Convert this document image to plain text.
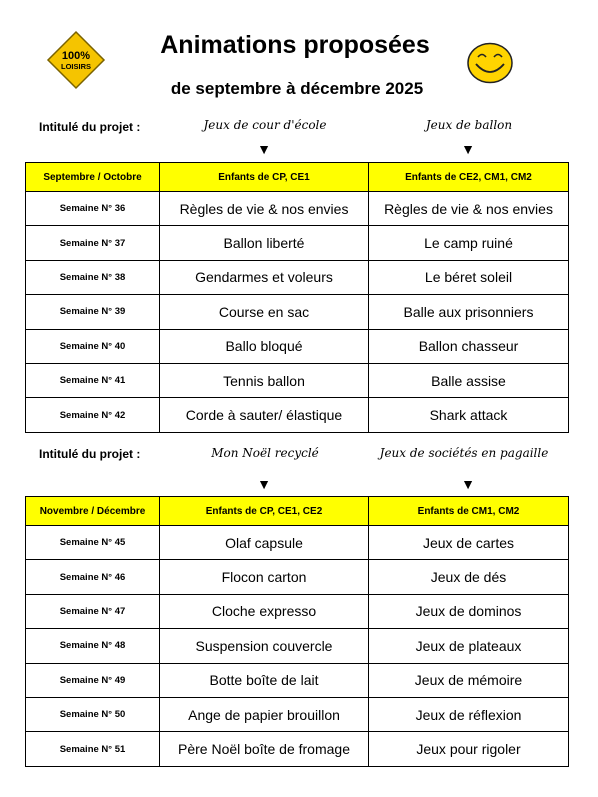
100%
LOISIRS
Animations proposées
de septembre à décembre 2025
Intitulé du projet :	Jeux de cour d'école	Jeux de ballon
▼	▼
Septembre / Octobre	Enfants de CP, CE1	Enfants de CE2, CM1, CM2
Semaine N° 36	Règles de vie & nos envies	Règles de vie & nos envies
Semaine N° 37	Ballon liberté	Le camp ruiné
Semaine N° 38	Gendarmes et voleurs	Le béret soleil
Semaine N° 39	Course en sac	Balle aux prisonniers
Semaine N° 40	Ballo bloqué	Ballon chasseur
Semaine N° 41	Tennis ballon	Balle assise
Semaine N° 42	Corde à sauter/ élastique	Shark attack
Intitulé du projet :	Mon Noël recyclé	Jeux de sociétés en pagaille
▼	▼
Novembre / Décembre	Enfants de CP, CE1, CE2	Enfants de CM1, CM2
Semaine N° 45	Olaf capsule	Jeux de cartes
Semaine N° 46	Flocon carton	Jeux de dés
Semaine N° 47	Cloche expresso	Jeux de dominos
Semaine N° 48	Suspension couvercle	Jeux de plateaux
Semaine N° 49	Botte boîte de lait	Jeux de mémoire
Semaine N° 50	Ange de papier brouillon	Jeux de réflexion
Semaine N° 51	Père Noël boîte de fromage	Jeux pour rigoler
